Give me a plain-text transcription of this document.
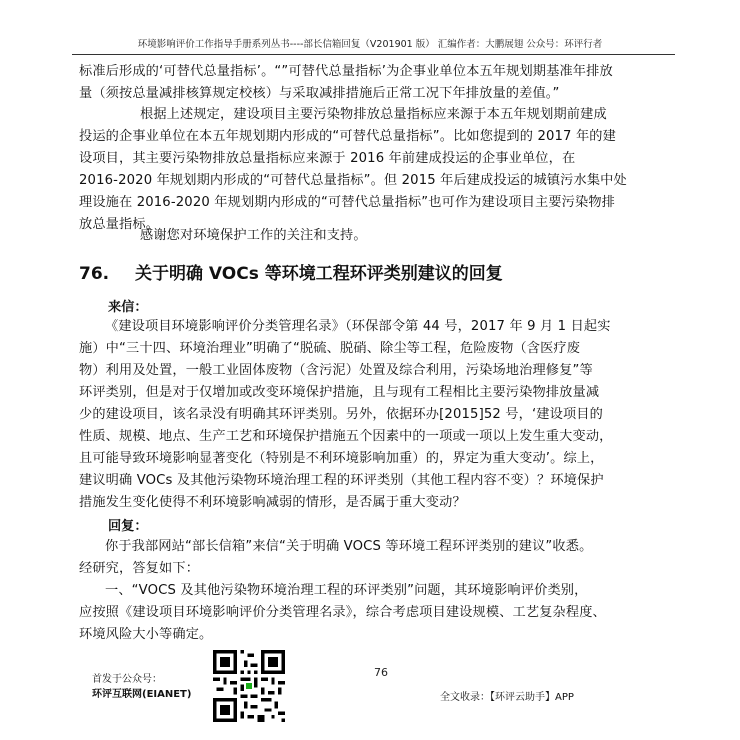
环境影响评价工作指导手册系列丛书----部长信箱回复（V201901 版） 汇编作者：大鹏展翅 公众号：环评行者
标准后形成的‘可替代总量指标’。“”可替代总量指标’为企事业单位本五年规划期基准年排放
量（须按总量减排核算规定校核）与采取减排措施后正常工况下年排放量的差值。”
根据上述规定，建设项目主要污染物排放总量指标应来源于本五年规划期前建成
投运的企事业单位在本五年规划期内形成的“可替代总量指标”。比如您提到的 2017 年的建
设项目，其主要污染物排放总量指标应来源于 2016 年前建成投运的企事业单位，在
2016-2020 年规划期内形成的“可替代总量指标”。但 2015 年后建成投运的城镇污水集中处
理设施在 2016-2020 年规划期内形成的“可替代总量指标”也可作为建设项目主要污染物排
放总量指标。
感谢您对环境保护工作的关注和支持。
76. 关于明确 VOCs 等环境工程环评类别建议的回复
来信：
《建设项目环境影响评价分类管理名录》（环保部令第 44 号，2017 年 9 月 1 日起实
施）中“三十四、环境治理业”明确了“脱硫、脱硝、除尘等工程，危险废物（含医疗废
物）利用及处置，一般工业固体废物（含污泥）处置及综合利用，污染场地治理修复”等
环评类别，但是对于仅增加或改变环境保护措施，且与现有工程相比主要污染物排放量减
少的建设项目，该名录没有明确其环评类别。另外，依据环办[2015]52 号，‘建设项目的
性质、规模、地点、生产工艺和环境保护措施五个因素中的一项或一项以上发生重大变动，
且可能导致环境影响显著变化（特别是不利环境影响加重）的，界定为重大变动’。综上，
建议明确 VOCs 及其他污染物环境治理工程的环评类别（其他工程内容不变）？环境保护
措施发生变化使得不利环境影响减弱的情形，是否属于重大变动？
回复：
你于我部网站“部长信箱”来信“关于明确 VOCS 等环境工程环评类别的建议”收悉。
经研究，答复如下：
一、“VOCS 及其他污染物环境治理工程的环评类别”问题，其环境影响评价类别，
应按照《建设项目环境影响评价分类管理名录》，综合考虑项目建设规模、工艺复杂程度、
环境风险大小等确定。
76
首发于公众号：
环评互联网(EIANET)	全文收录：【环评云助手】APP
